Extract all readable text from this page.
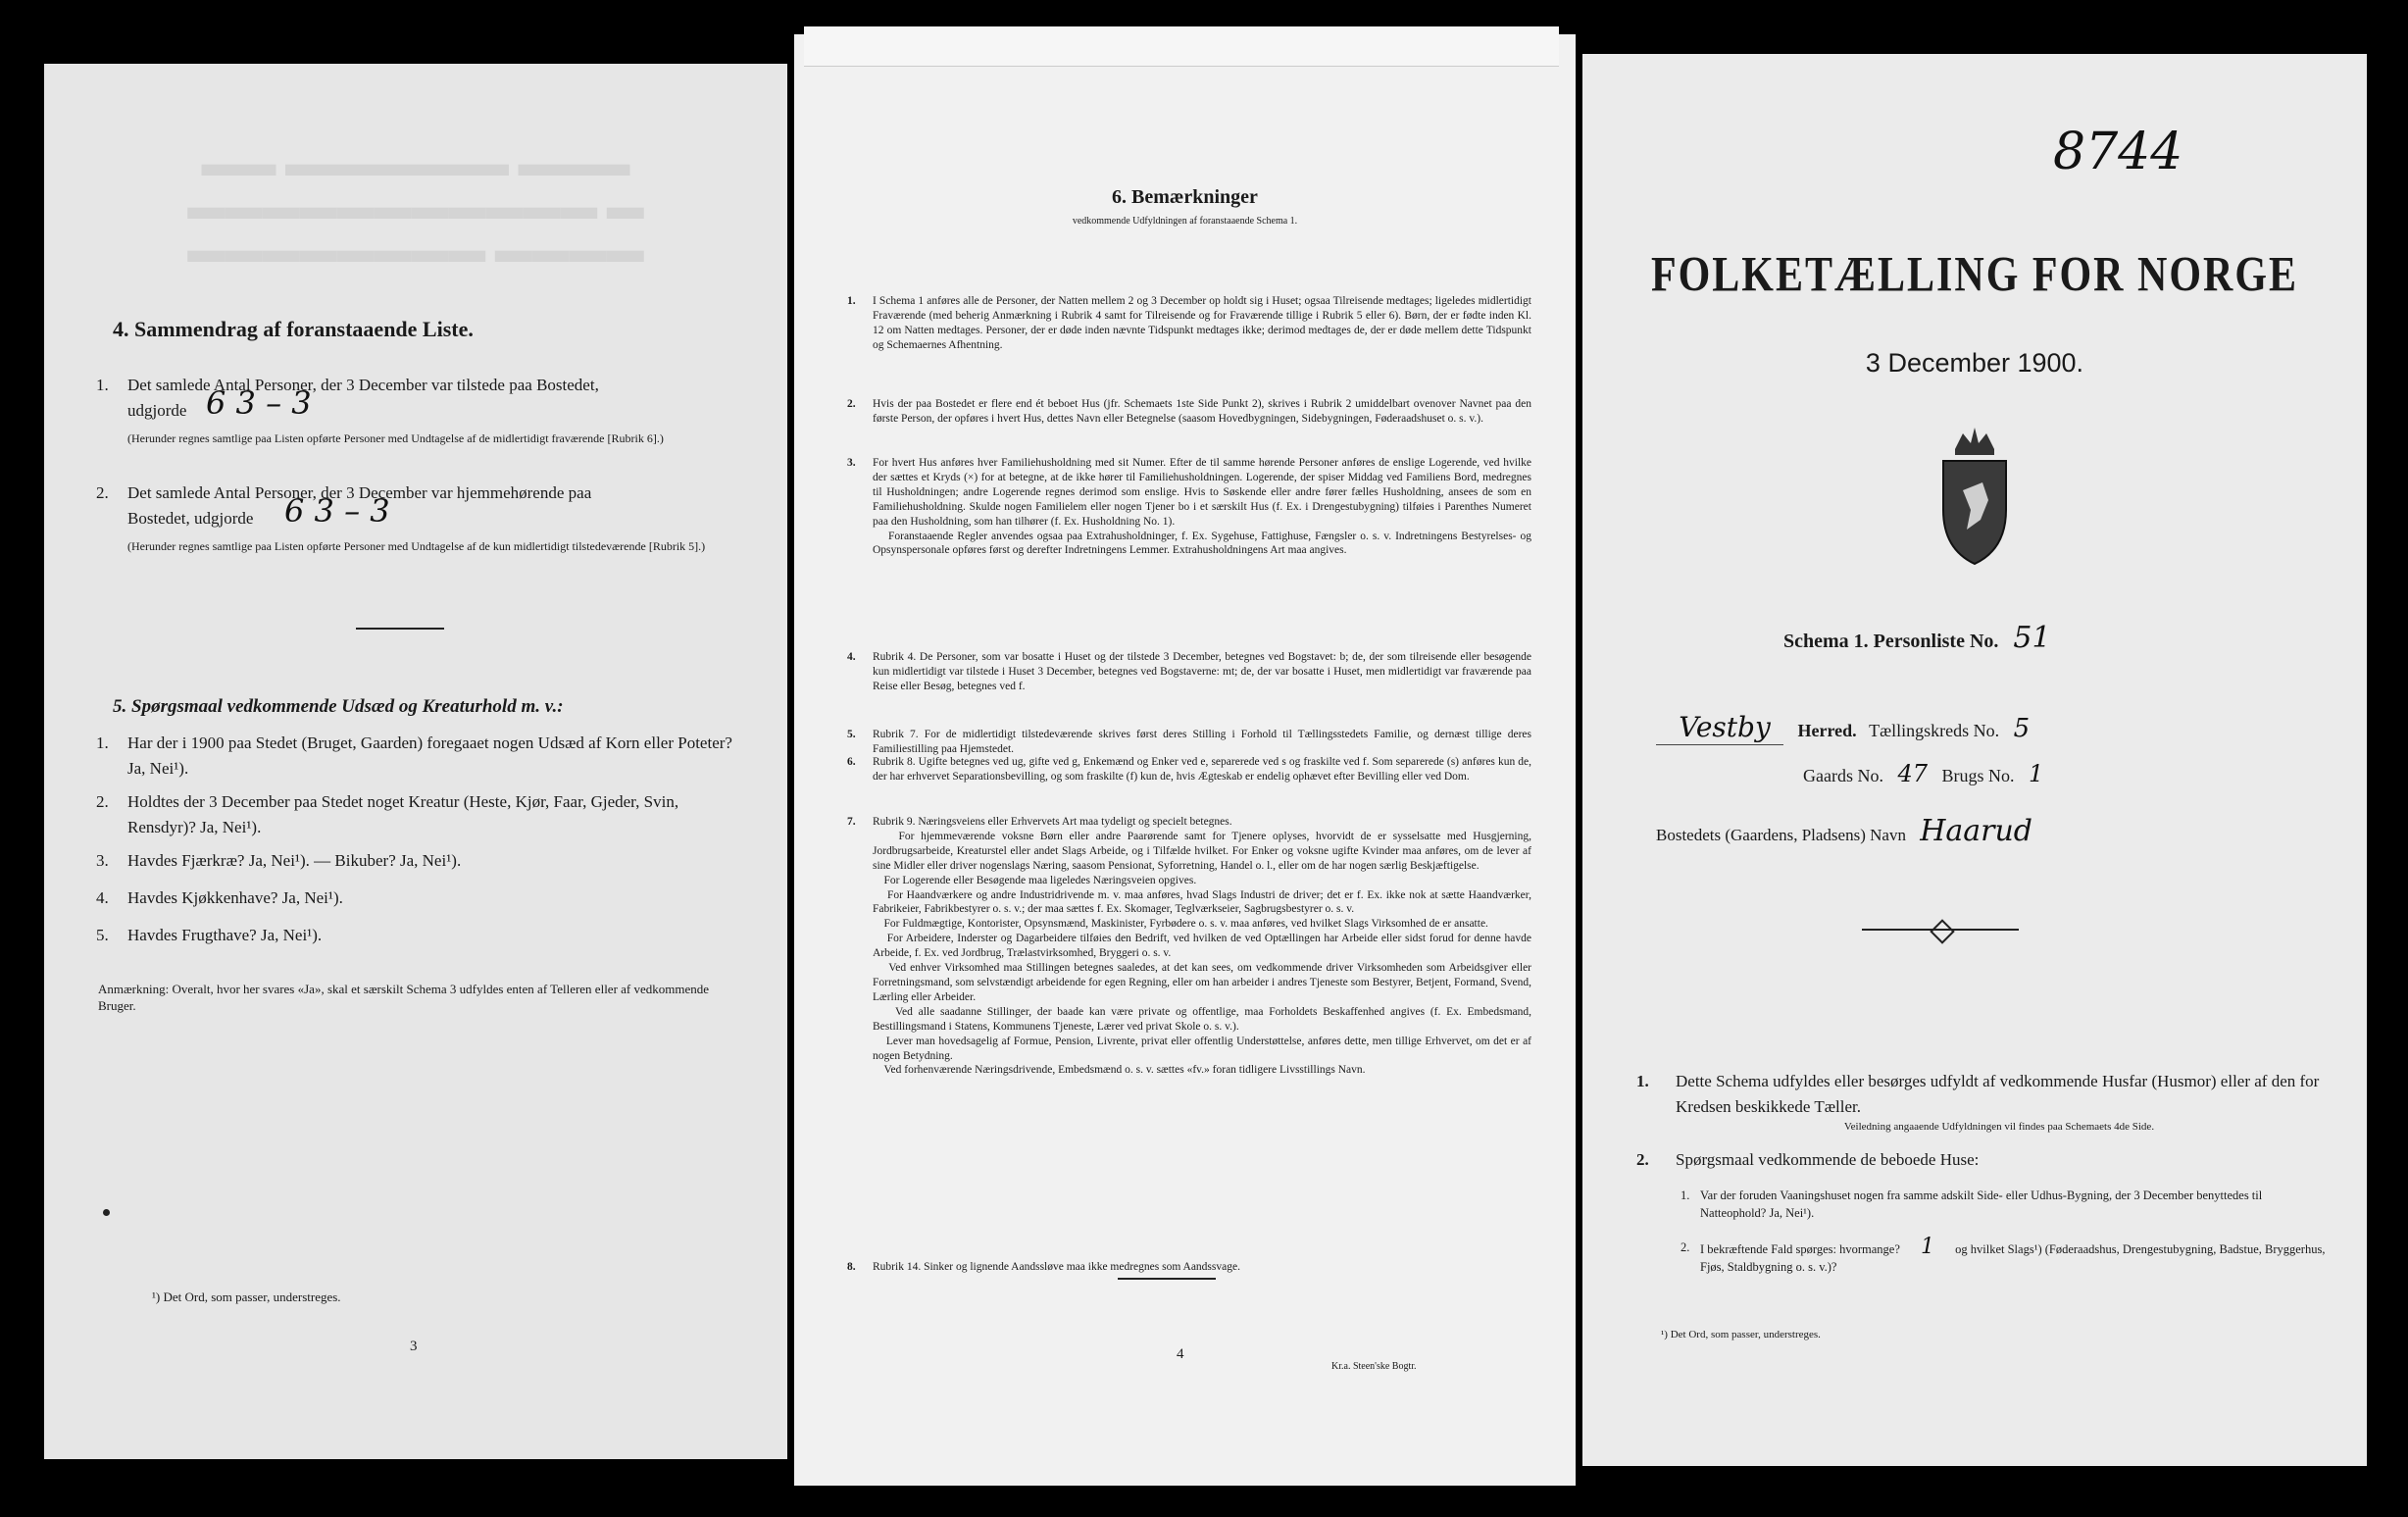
▬▬ ▬▬▬▬▬▬ ▬▬▬ ▬▬▬▬▬▬▬▬▬▬▬ ▬ ▬▬▬▬▬▬▬▬ ▬▬▬▬
4. Sammendrag af foranstaaende Liste.
1. Det samlede Antal Personer, der 3 December var tilstede paa Bostedet,
udgjorde 6 3 – 3
(Herunder regnes samtlige paa Listen opførte Personer med Undtagelse af de midlertidigt fraværende [Rubrik 6].)
2. Det samlede Antal Personer, der 3 December var hjemmehørende paa
Bostedet, udgjorde 6 3 – 3
(Herunder regnes samtlige paa Listen opførte Personer med Undtagelse af de kun midlertidigt tilstedeværende [Rubrik 5].)
5. Spørgsmaal vedkommende Udsæd og Kreaturhold m. v.:
1. Har der i 1900 paa Stedet (Bruget, Gaarden) foregaaet nogen Udsæd af Korn eller Poteter? Ja, Nei¹).
2. Holdtes der 3 December paa Stedet noget Kreatur (Heste, Kjør, Faar, Gjeder, Svin, Rensdyr)? Ja, Nei¹).
3. Havdes Fjærkræ? Ja, Nei¹). — Bikuber? Ja, Nei¹).
4. Havdes Kjøkkenhave? Ja, Nei¹).
5. Havdes Frugthave? Ja, Nei¹).
Anmærkning: Overalt, hvor her svares «Ja», skal et særskilt Schema 3 udfyldes enten af Telleren eller af vedkommende Bruger.
¹) Det Ord, som passer, understreges.
3
6. Bemærkninger
vedkommende Udfyldningen af foranstaaende Schema 1.
1. I Schema 1 anføres alle de Personer, der Natten mellem 2 og 3 December op holdt sig i Huset; ogsaa Tilreisende medtages; ligeledes midlertidigt Fraværende (med beherig Anmærkning i Rubrik 4 samt for Tilreisende og for Fraværende tillige i Rubrik 5 eller 6). Børn, der er fødte inden Kl. 12 om Natten medtages. Personer, der er døde inden nævnte Tidspunkt medtages ikke; derimod medtages de, der er døde mellem dette Tidspunkt og Schemaernes Afhentning.
2. Hvis der paa Bostedet er flere end ét beboet Hus (jfr. Schemaets 1ste Side Punkt 2), skrives i Rubrik 2 umiddelbart ovenover Navnet paa den første Person, der opføres i hvert Hus, dettes Navn eller Betegnelse (saasom Hovedbygningen, Sidebygningen, Føderaadshuset o. s. v.).
3. For hvert Hus anføres hver Familiehusholdning med sit Numer. Efter de til samme hørende Personer anføres de enslige Logerende, ved hvilke der sættes et Kryds (×) for at betegne, at de ikke hører til Familiehusholdningen. Logerende, der spiser Middag ved Familiens Bord, medregnes til Husholdningen; andre Logerende regnes derimod som enslige. Hvis to Søskende eller andre fører fælles Husholdning, ansees de som en Familiehusholdning. Skulde nogen Familielem eller nogen Tjener bo i et særskilt Hus (f. Ex. i Drengestubygning) tilføies i Parenthes Numeret paa den Husholdning, som han tilhører (f. Ex. Husholdning No. 1).
Foranstaaende Regler anvendes ogsaa paa Extrahusholdninger, f. Ex. Sygehuse, Fattighuse, Fængsler o. s. v. Indretningens Bestyrelses- og Opsynspersonale opføres først og derefter Indretningens Lemmer. Extrahusholdningens Art maa angives.
4. Rubrik 4. De Personer, som var bosatte i Huset og der tilstede 3 December, betegnes ved Bogstavet: b; de, der som tilreisende eller besøgende kun midlertidigt var tilstede i Huset 3 December, betegnes ved Bogstaverne: mt; de, der var bosatte i Huset, men midlertidigt var fraværende paa Reise eller Besøg, betegnes ved f.
5. Rubrik 7. For de midlertidigt tilstedeværende skrives først deres Stilling i Forhold til Tællingsstedets Familie, og dernæst tillige deres Familiestilling paa Hjemstedet.
6. Rubrik 8. Ugifte betegnes ved ug, gifte ved g, Enkemænd og Enker ved e, separerede ved s og fraskilte ved f. Som separerede (s) anføres kun de, der har erhvervet Separationsbevilling, og som fraskilte (f) kun de, hvis Ægteskab er endelig ophævet efter Bevilling eller ved Dom.
7. Rubrik 9. Næringsveiens eller Erhvervets Art maa tydeligt og specielt betegnes.
For hjemmeværende voksne Børn eller andre Paarørende samt for Tjenere oplyses, hvorvidt de er sysselsatte med Husgjerning, Jordbrugsarbeide, Kreaturstel eller andet Slags Arbeide, og i Tilfælde hvilket. For Enker og voksne ugifte Kvinder maa anføres, om de lever af sine Midler eller driver nogenslags Næring, saasom Pensionat, Syforretning, Handel o. l., eller om de har nogen særlig Beskjæftigelse.
For Logerende eller Besøgende maa ligeledes Næringsveien opgives.
For Haandværkere og andre Industridrivende m. v. maa anføres, hvad Slags Industri de driver; det er f. Ex. ikke nok at sætte Haandværker, Fabrikeier, Fabrikbestyrer o. s. v.; der maa sættes f. Ex. Skomager, Teglværkseier, Sagbrugsbestyrer o. s. v.
For Fuldmægtige, Kontorister, Opsynsmænd, Maskinister, Fyrbødere o. s. v. maa anføres, ved hvilket Slags Virksomhed de er ansatte.
For Arbeidere, Inderster og Dagarbeidere tilføies den Bedrift, ved hvilken de ved Optællingen har Arbeide eller sidst forud for denne havde Arbeide, f. Ex. ved Jordbrug, Trælastvirksomhed, Bryggeri o. s. v.
Ved enhver Virksomhed maa Stillingen betegnes saaledes, at det kan sees, om vedkommende driver Virksomheden som Arbeidsgiver eller Forretningsmand, som selvstændigt arbeidende for egen Regning, eller om han arbeider i andres Tjeneste som Bestyrer, Betjent, Formand, Svend, Lærling eller Arbeider.
Ved alle saadanne Stillinger, der baade kan være private og offentlige, maa Forholdets Beskaffenhed angives (f. Ex. Embedsmand, Bestillingsmand i Statens, Kommunens Tjeneste, Lærer ved privat Skole o. s. v.).
Lever man hovedsagelig af Formue, Pension, Livrente, privat eller offentlig Understøttelse, anføres dette, men tillige Erhvervet, om det er af nogen Betydning.
Ved forhenværende Næringsdrivende, Embedsmænd o. s. v. sættes «fv.» foran tidligere Livsstillings Navn.
8. Rubrik 14. Sinker og lignende Aandssløve maa ikke medregnes som Aandssvage.
4
Kr.a. Steen'ske Bogtr.
8744
FOLKETÆLLING FOR NORGE
3 December 1900.
Schema 1. Personliste No. 51
Vestby Herred. Tællingskreds No. 5
Gaards No. 47 Brugs No. 1
Bostedets (Gaardens, Pladsens) Navn Haarud
1. Dette Schema udfyldes eller besørges udfyldt af vedkommende Husfar (Husmor) eller af den for Kredsen beskikkede Tæller.
Veiledning angaaende Udfyldningen vil findes paa Schemaets 4de Side.
2. Spørgsmaal vedkommende de beboede Huse:
1. Var der foruden Vaaningshuset nogen fra samme adskilt Side- eller Udhus-Bygning, der 3 December benyttedes til Natteophold? Ja, Nei¹).
2. I bekræftende Fald spørges: hvormange? 1 og hvilket Slags¹) (Føderaadshus, Drengestubygning, Badstue, Bryggerhus, Fjøs, Staldbygning o. s. v.)?
¹) Det Ord, som passer, understreges.
